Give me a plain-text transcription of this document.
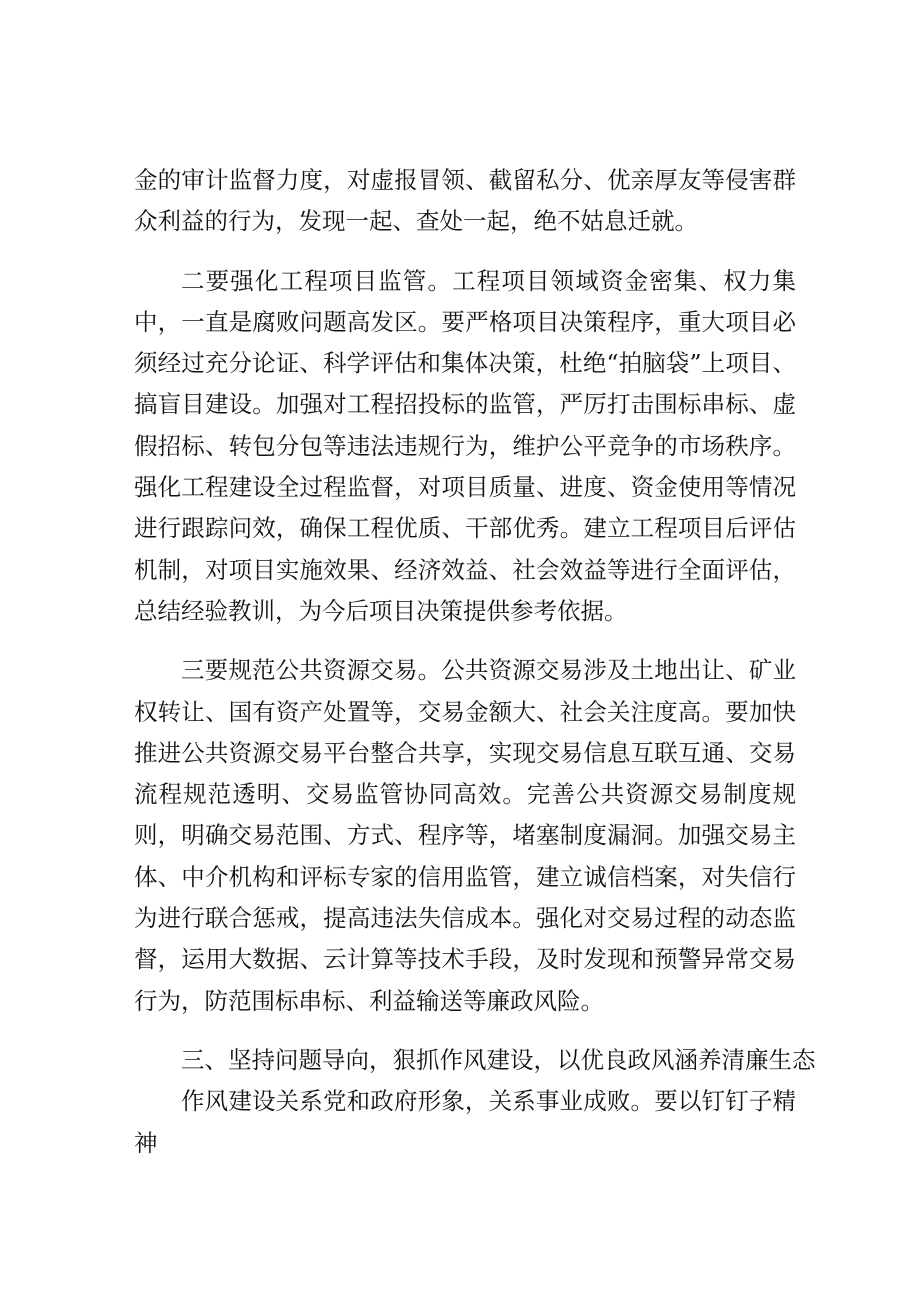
金的审计监督力度，对虚报冒领、截留私分、优亲厚友等侵害群众利益的行为，发现一起、查处一起，绝不姑息迁就。

二要强化工程项目监管。工程项目领域资金密集、权力集中，一直是腐败问题高发区。要严格项目决策程序，重大项目必须经过充分论证、科学评估和集体决策，杜绝“拍脑袋”上项目、搞盲目建设。加强对工程招投标的监管，严厉打击围标串标、虚假招标、转包分包等违法违规行为，维护公平竞争的市场秩序。强化工程建设全过程监督，对项目质量、进度、资金使用等情况进行跟踪问效，确保工程优质、干部优秀。建立工程项目后评估机制，对项目实施效果、经济效益、社会效益等进行全面评估，总结经验教训，为今后项目决策提供参考依据。

三要规范公共资源交易。公共资源交易涉及土地出让、矿业权转让、国有资产处置等，交易金额大、社会关注度高。要加快推进公共资源交易平台整合共享，实现交易信息互联互通、交易流程规范透明、交易监管协同高效。完善公共资源交易制度规则，明确交易范围、方式、程序等，堵塞制度漏洞。加强交易主体、中介机构和评标专家的信用监管，建立诚信档案，对失信行为进行联合惩戒，提高违法失信成本。强化对交易过程的动态监督，运用大数据、云计算等技术手段，及时发现和预警异常交易行为，防范围标串标、利益输送等廉政风险。

三、坚持问题导向，狠抓作风建设，以优良政风涵养清廉生态

作风建设关系党和政府形象，关系事业成败。要以钉钉子精神
